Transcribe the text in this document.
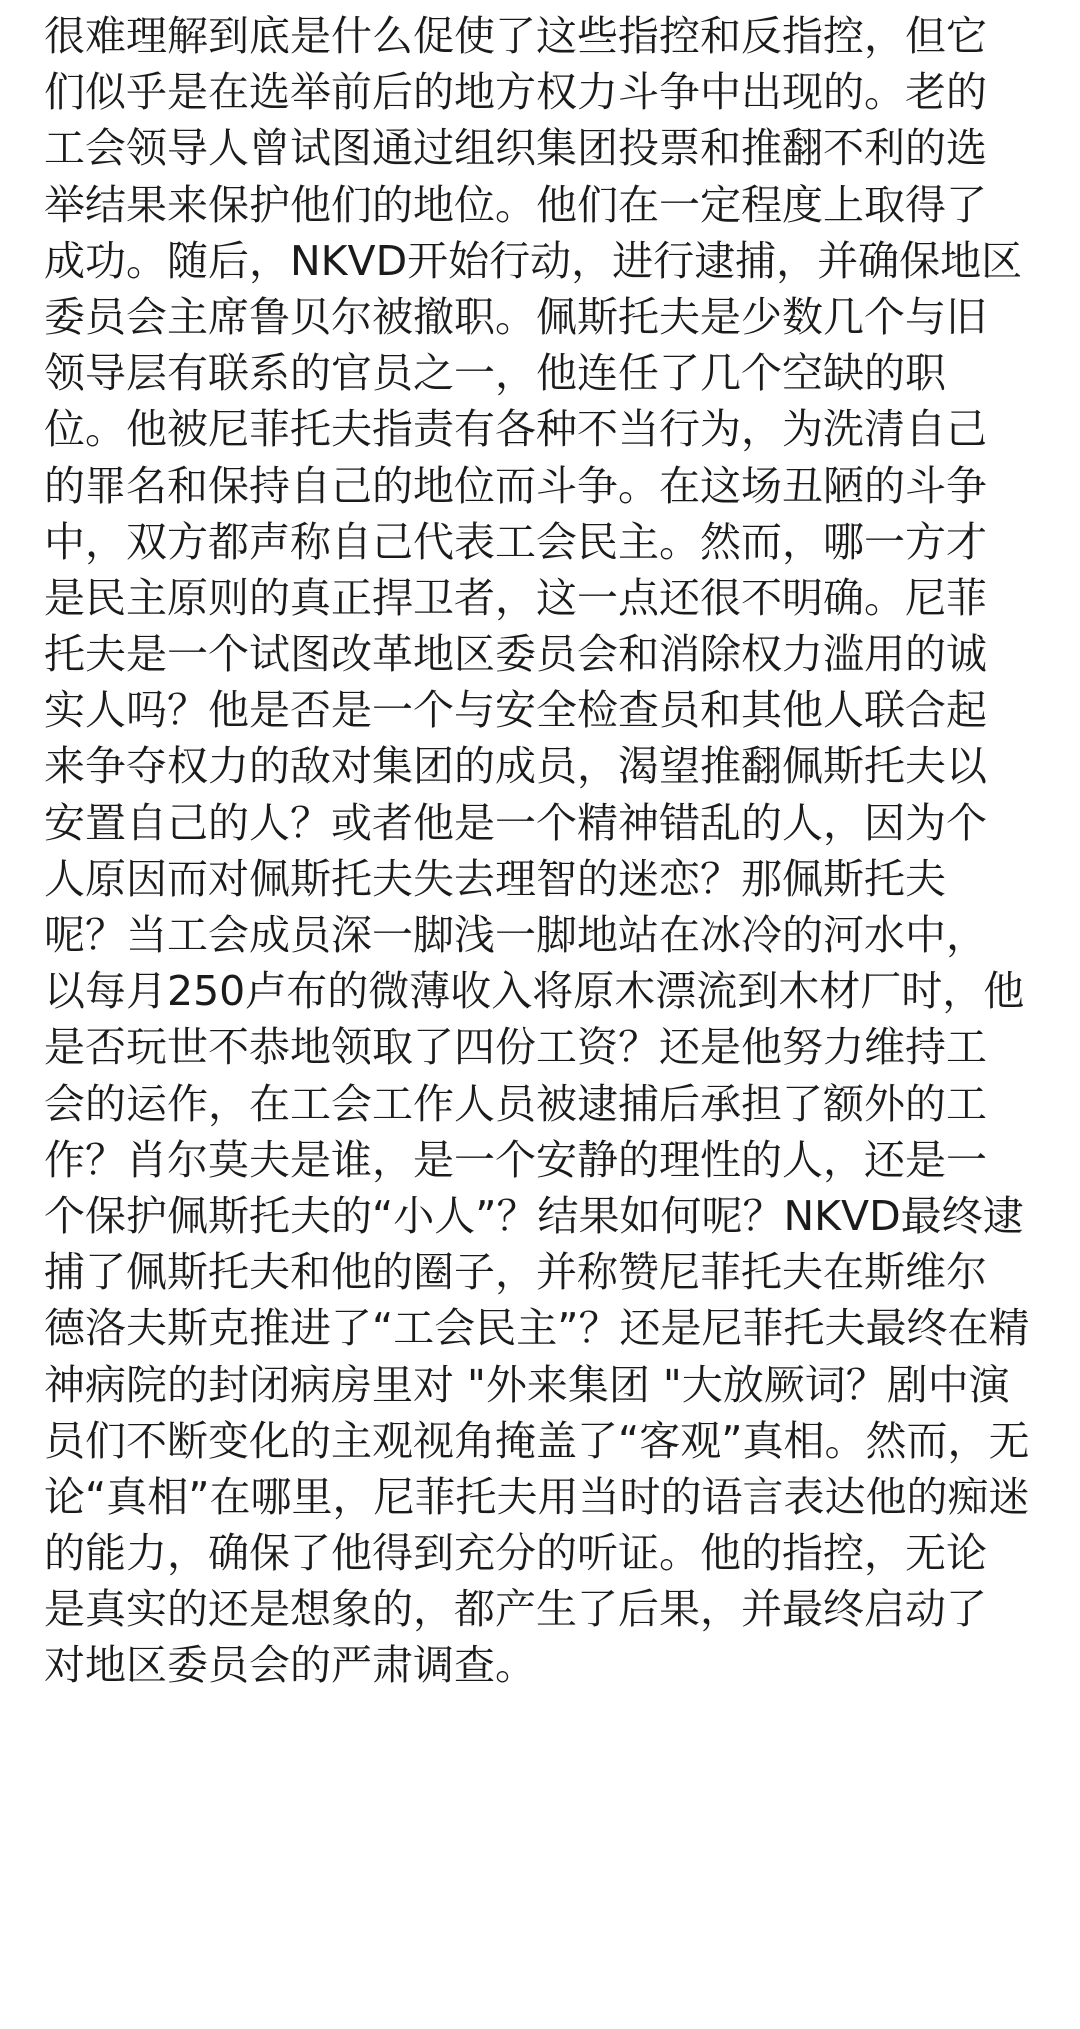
很难理解到底是什么促使了这些指控和反指控，但它
们似乎是在选举前后的地方权力斗争中出现的。老的
工会领导人曾试图通过组织集团投票和推翻不利的选
举结果来保护他们的地位。他们在一定程度上取得了
成功。随后，NKVD开始行动，进行逮捕，并确保地区
委员会主席鲁贝尔被撤职。佩斯托夫是少数几个与旧
领导层有联系的官员之一，他连任了几个空缺的职
位。他被尼菲托夫指责有各种不当行为，为洗清自己
的罪名和保持自己的地位而斗争。在这场丑陋的斗争
中，双方都声称自己代表工会民主。然而，哪一方才
是民主原则的真正捍卫者，这一点还很不明确。尼菲
托夫是一个试图改革地区委员会和消除权力滥用的诚
实人吗？他是否是一个与安全检查员和其他人联合起
来争夺权力的敌对集团的成员，渴望推翻佩斯托夫以
安置自己的人？或者他是一个精神错乱的人，因为个
人原因而对佩斯托夫失去理智的迷恋？那佩斯托夫
呢？当工会成员深一脚浅一脚地站在冰冷的河水中，
以每月250卢布的微薄收入将原木漂流到木材厂时，他
是否玩世不恭地领取了四份工资？还是他努力维持工
会的运作，在工会工作人员被逮捕后承担了额外的工
作？肖尔莫夫是谁，是一个安静的理性的人，还是一
个保护佩斯托夫的“小人”？结果如何呢？NKVD最终逮
捕了佩斯托夫和他的圈子，并称赞尼菲托夫在斯维尔
德洛夫斯克推进了“工会民主”？还是尼菲托夫最终在精
神病院的封闭病房里对 "外来集团 "大放厥词？剧中演
员们不断变化的主观视角掩盖了“客观”真相。然而，无
论“真相”在哪里，尼菲托夫用当时的语言表达他的痴迷
的能力，确保了他得到充分的听证。他的指控，无论
是真实的还是想象的，都产生了后果，并最终启动了
对地区委员会的严肃调查。
